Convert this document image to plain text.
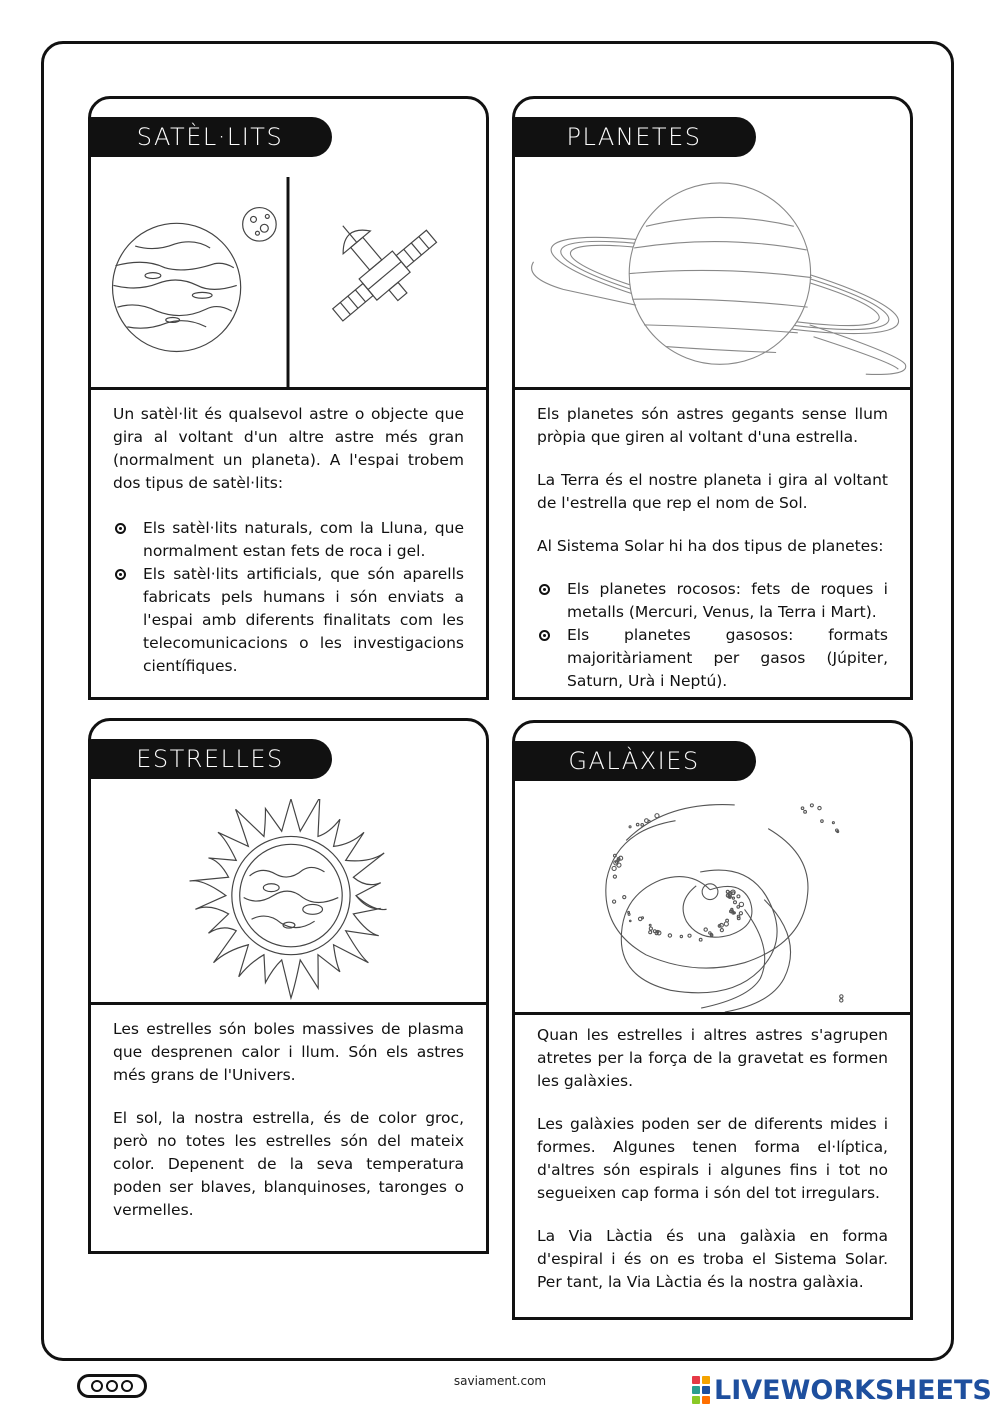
SATÈL·LITS

Un satèl·lit és qualsevol astre o objecte que gira al voltant d'un altre astre més gran (normalment un planeta). A l'espai trobem dos tipus de satèl·lits:

Els satèl·lits naturals, com la Lluna, que normalment estan fets de roca i gel.
Els satèl·lits artificials, que són aparells fabricats pels humans i són enviats a l'espai amb diferents finalitats com les telecomunicacions o les investigacions científiques.
PLANETES

Els planetes són astres gegants sense llum pròpia que giren al voltant d'una estrella.

La Terra és el nostre planeta i gira al voltant de l'estrella que rep el nom de Sol.

Al Sistema Solar hi ha dos tipus de planetes:

Els planetes rocosos: fets de roques i metalls (Mercuri, Venus, la Terra i Mart).
Els planetes gasosos: formats majoritàriament per gasos (Júpiter, Saturn, Urà i Neptú).
ESTRELLES

Les estrelles són boles massives de plasma que desprenen calor i llum. Són els astres més grans de l'Univers.

El sol, la nostra estrella, és de color groc, però no totes les estrelles són del mateix color. Depenent de la seva temperatura poden ser blaves, blanquinoses, taronges o vermelles.

GALÀXIES

Quan les estrelles i altres astres s'agrupen atretes per la força de la gravetat es formen les galàxies.

Les galàxies poden ser de diferents mides i formes. Algunes tenen forma el·líptica, d'altres són espirals i algunes fins i tot no segueixen cap forma i són del tot irregulars.

La Via Làctia és una galàxia en forma d'espiral i és on es troba el Sistema Solar. Per tant, la Via Làctia és la nostra galàxia.

saviament.com	LIVEWORKSHEETS
